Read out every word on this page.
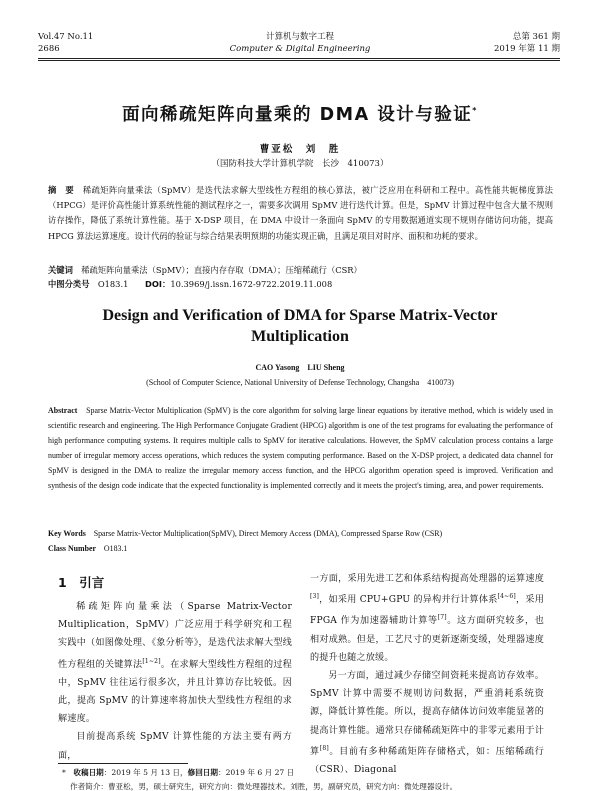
Vol.47 No.11
2686
计算机与数字工程
Computer & Digital Engineering
总第 361 期
2019 年第 11 期
面向稀疏矩阵向量乘的 DMA 设计与验证*
曹亚松　刘　胜
（国防科技大学计算机学院　长沙　410073）
摘　要　 稀疏矩阵向量乘法（SpMV）是迭代法求解大型线性方程组的核心算法，被广泛应用在科研和工程中。高性能共轭梯度算法（HPCG）是评价高性能计算系统性能的测试程序之一，需要多次调用 SpMV 进行迭代计算。但是，SpMV 计算过程中包含大量不规则访存操作，降低了系统计算性能。基于 X-DSP 项目，在 DMA 中设计一条面向 SpMV 的专用数据通道实现不规则存储访问功能，提高 HPCG 算法运算速度。设计代码的验证与综合结果表明预期的功能实现正确，且满足项目对时序、面积和功耗的要求。
关键词　 稀疏矩阵向量乘法（SpMV）；直接内存存取（DMA）；压缩稀疏行（CSR）
中图分类号　 O183.1　　 DOI：10.3969/j.issn.1672-9722.2019.11.008
Design and Verification of DMA for Sparse Matrix-Vector Multiplication
CAO Yasong　LIU Sheng
(School of Computer Science, National University of Defense Technology, Changsha　410073)
Abstract　 Sparse Matrix-Vector Multiplication (SpMV) is the core algorithm for solving large linear equations by iterative method, which is widely used in scientific research and engineering. The High Performance Conjugate Gradient (HPCG) algorithm is one of the test programs for evaluating the performance of high performance computing systems. It requires multiple calls to SpMV for iterative calculations. However, the SpMV calculation process contains a large number of irregular memory access operations, which reduces the system computing performance. Based on the X-DSP project, a dedicated data channel for SpMV is designed in the DMA to realize the irregular memory access function, and the HPCG algorithm operation speed is improved. Verification and synthesis of the design code indicate that the expected functionality is implemented correctly and it meets the project's timing, area, and power requirements.
Key Words　 Sparse Matrix-Vector Multiplication(SpMV), Direct Memory Access (DMA), Compressed Sparse Row (CSR)
Class Number　 O183.1
1　 引言

稀疏矩阵向量乘法（Sparse Matrix-Vector Multiplication，SpMV）广泛应用于科学研究和工程实践中（如图像处理、《象分析等》，是迭代法求解大型线性方程组的关键算法[1~2]。在求解大型线性方程组的过程中，SpMV 往往运行很多次，并且计算访存比较低。因此，提高 SpMV 的计算速率将加快大型线性方程组的求解速度。

目前提高系统 SpMV 计算性能的方法主要有两方面，

一方面，采用先进工艺和体系结构提高处理器的运算速度[3]，如采用 CPU+GPU 的异构并行计算体系[4~6]，采用 FPGA 作为加速器辅助计算等[7]。这方面研究较多，也相对成熟。但是，工艺尺寸的更新逐渐变缓，处理器速度的提升也随之放缓。

另一方面，通过减少存储空间资耗来提高访存效率。SpMV 计算中需要不规则访问数据，严重消耗系统资源，降低计算性能。所以，提高存储体访问效率能显著的提高计算性能。通常只存储稀疏矩阵中的非零元素用于计算[8]。目前有多种稀疏矩阵存储格式，如：压缩稀疏行（CSR）、Diagonal

*　 收稿日期：2019 年 5 月 13 日，修回日期：2019 年 6 月 27 日
作者简介：曹亚松，男，硕士研究生，研究方向：微处理器技术。刘胜，男，副研究员，研究方向：微处理器设计。
